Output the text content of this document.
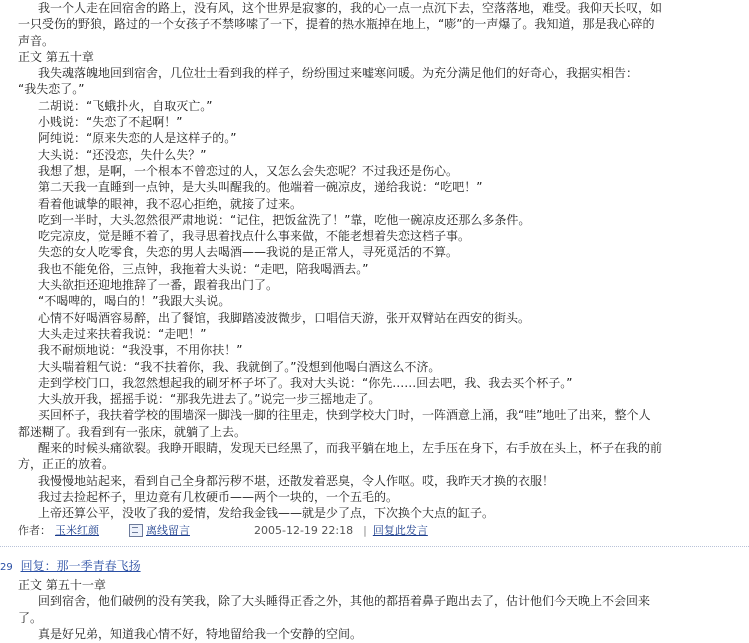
我一个人走在回宿舍的路上，没有风，这个世界是寂寥的，我的心一点一点沉下去，空落落地，难受。我仰天长叹，如
一只受伤的野狼，路过的一个女孩子不禁哆嗦了一下，提着的热水瓶掉在地上，“嘭”的一声爆了。我知道，那是我心碎的
声音。
正文 第五十章
我失魂落魄地回到宿舍，几位壮士看到我的样子，纷纷围过来嘘寒问暖。为充分满足他们的好奇心，我据实相告：
“我失恋了。”
二胡说：“飞蛾扑火，自取灭亡。”
小贱说：“失恋了不起啊！”
阿纯说：“原来失恋的人是这样子的。”
大头说：“还没恋，失什么失？”
我想了想，是啊，一个根本不曾恋过的人，又怎么会失恋呢？不过我还是伤心。
第二天我一直睡到一点钟，是大头叫醒我的。他端着一碗凉皮，递给我说：“吃吧！”
看着他诚挚的眼神，我不忍心拒绝，就接了过来。
吃到一半时，大头忽然很严肃地说：“记住，把饭盆洗了！”靠，吃他一碗凉皮还那么多条件。
吃完凉皮，觉是睡不着了，我寻思着找点什么事来做，不能老想着失恋这档子事。
失恋的女人吃零食，失恋的男人去喝酒——我说的是正常人，寻死觅活的不算。
我也不能免俗，三点钟，我拖着大头说：“走吧，陪我喝酒去。”
大头欲拒还迎地推辞了一番，跟着我出门了。
“不喝啤的，喝白的！”我跟大头说。
心情不好喝酒容易醉，出了餐馆，我脚踏凌波微步，口唱信天游，张开双臂站在西安的街头。
大头走过来扶着我说：“走吧！”
我不耐烦地说：“我没事，不用你扶！”
大头喘着粗气说：“我不扶着你，我、我就倒了。”没想到他喝白酒这么不济。
走到学校门口，我忽然想起我的刷牙杯子坏了。我对大头说：“你先……回去吧，我、我去买个杯子。”
大头放开我，摇摇手说：“那我先进去了。”说完一步三摇地走了。
买回杯子，我扶着学校的围墙深一脚浅一脚的往里走，快到学校大门时，一阵酒意上涌，我“哇”地吐了出来，整个人
都迷糊了。我看到有一张床，就躺了上去。
醒来的时候头痛欲裂。我睁开眼睛，发现天已经黑了，而我平躺在地上，左手压在身下，右手放在头上，杯子在我的前
方，正正的放着。
我慢慢地站起来，看到自己全身都污秽不堪，还散发着恶臭，令人作呕。哎，我昨天才换的衣服！
我过去捡起杯子，里边竟有几枚硬币——两个一块的，一个五毛的。
上帝还算公平，没收了我的爱情，发给我金钱——就是少了点，下次换个大点的缸子。
作者： 玉米红颜	离线留言	2005-12-19 22:18 | 回复此发言
29 回复：那一季青春飞扬
正文 第五十一章
回到宿舍，他们破例的没有笑我，除了大头睡得正香之外，其他的都捂着鼻子跑出去了，估计他们今天晚上不会回来
了。
真是好兄弟，知道我心情不好，特地留给我一个安静的空间。
